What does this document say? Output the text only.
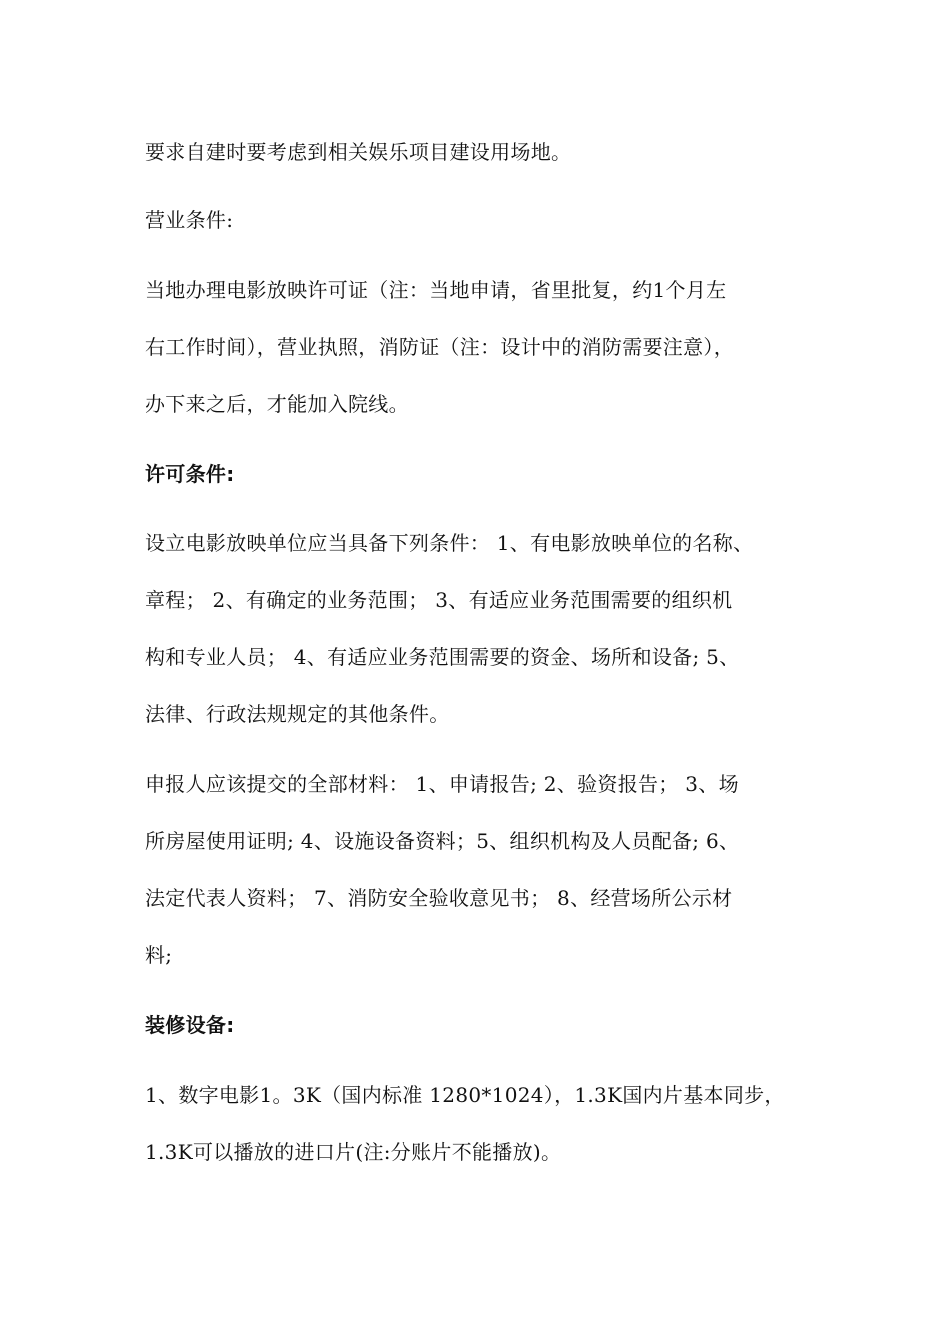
要求自建时要考虑到相关娱乐项目建设用场地。
营业条件:
当地办理电影放映许可证（注：当地申请，省里批复，约1个月左
右工作时间），营业执照，消防证（注：设计中的消防需要注意），
办下来之后，才能加入院线。
许可条件:
设立电影放映单位应当具备下列条件： 1、有电影放映单位的名称、
章程； 2、有确定的业务范围； 3、有适应业务范围需要的组织机
构和专业人员； 4、有适应业务范围需要的资金、场所和设备; 5、
法律、行政法规规定的其他条件。
申报人应该提交的全部材料： 1、申请报告; 2、验资报告； 3、场
所房屋使用证明; 4、设施设备资料；5、组织机构及人员配备; 6、
法定代表人资料； 7、消防安全验收意见书； 8、经营场所公示材
料;
装修设备:
1、数字电影1。3K（国内标准 1280*1024），1.3K国内片基本同步，
1.3K可以播放的进口片(注:分账片不能播放)。
